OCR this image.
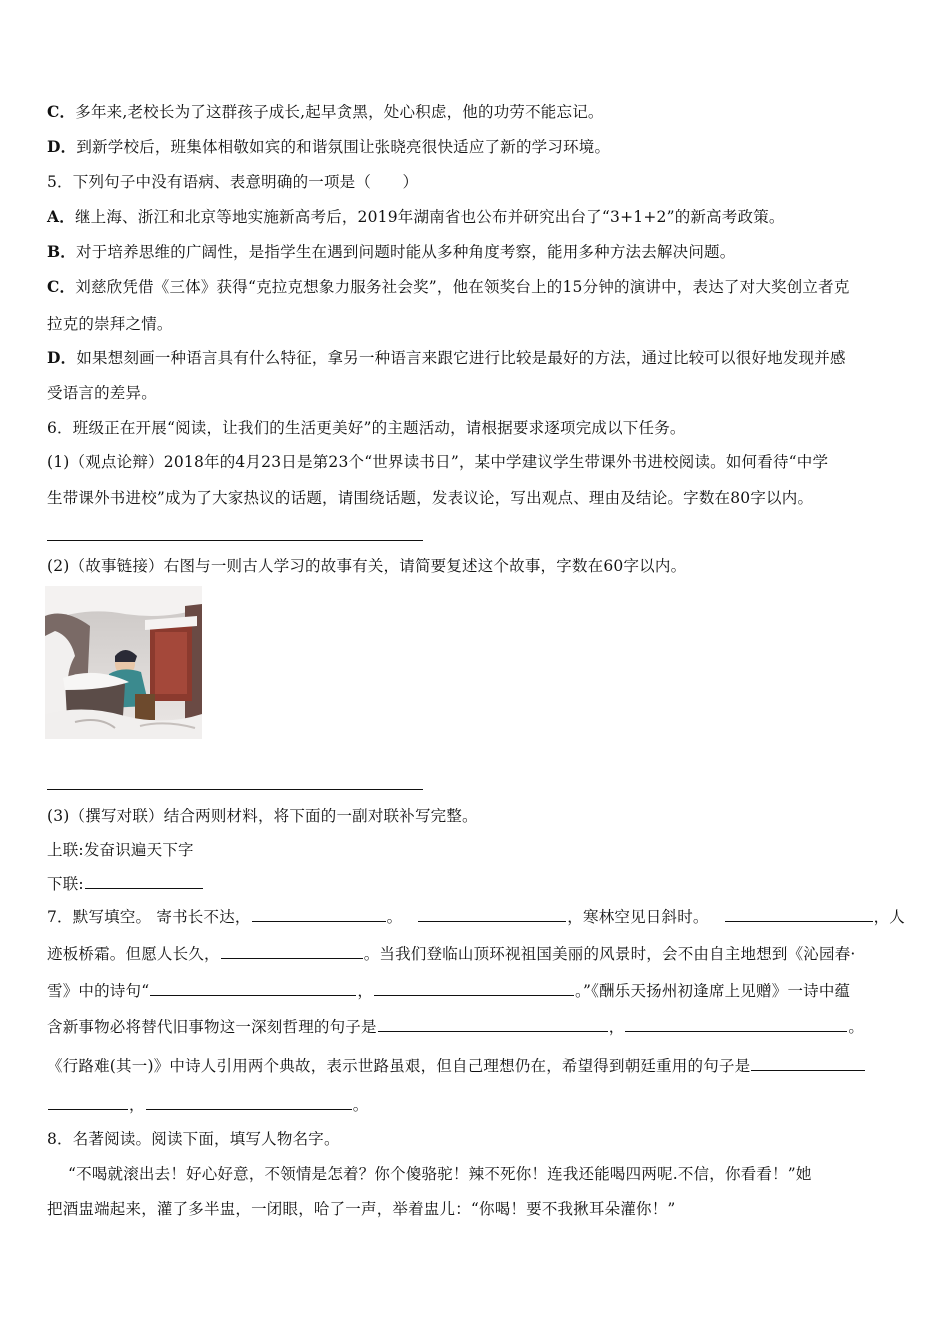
C．多年来,老校长为了这群孩子成长,起早贪黑，处心积虑，他的功劳不能忘记。
D．到新学校后，班集体相敬如宾的和谐氛围让张晓亮很快适应了新的学习环境。
5．下列句子中没有语病、表意明确的一项是（　　）
A．继上海、浙江和北京等地实施新高考后，2019年湖南省也公布并研究出台了“3+1+2”的新高考政策。
B．对于培养思维的广阔性，是指学生在遇到问题时能从多种角度考察，能用多种方法去解决问题。
C．刘慈欣凭借《三体》获得“克拉克想象力服务社会奖”，他在领奖台上的15分钟的演讲中，表达了对大奖创立者克
拉克的崇拜之情。
D．如果想刻画一种语言具有什么特征，拿另一种语言来跟它进行比较是最好的方法，通过比较可以很好地发现并感
受语言的差异。
6．班级正在开展“阅读，让我们的生活更美好”的主题活动，请根据要求逐项完成以下任务。
(1)（观点论辩）2018年的4月23日是第23个“世界读书日”，某中学建议学生带课外书进校阅读。如何看待“中学
生带课外书进校”成为了大家热议的话题，请围绕话题，发表议论，写出观点、理由及结论。字数在80字以内。
(2)（故事链接）右图与一则古人学习的故事有关，请简要复述这个故事，字数在60字以内。
(3)（撰写对联）结合两则材料，将下面的一副对联补写完整。
上联:发奋识遍天下字
下联:
7．默写填空。 寄书长不达，	。	，寒林空见日斜时。	，人
迹板桥霜。但愿人长久，	。当我们登临山顶环视祖国美丽的风景时，会不由自主地想到《沁园春·
雪》中的诗句“	，	。”《酬乐天扬州初逢席上见赠》一诗中蕴
含新事物必将替代旧事物这一深刻哲理的句子是	，	。
《行路难(其一)》中诗人引用两个典故，表示世路虽艰，但自己理想仍在，希望得到朝廷重用的句子是
，	。
8．名著阅读。阅读下面，填写人物名字。
“不喝就滚出去！好心好意，不领情是怎着？你个傻骆驼！辣不死你！连我还能喝四两呢.不信，你看看！”她
把酒盅端起来，灌了多半盅，一闭眼，哈了一声，举着盅儿：“你喝！要不我揪耳朵灌你！”
